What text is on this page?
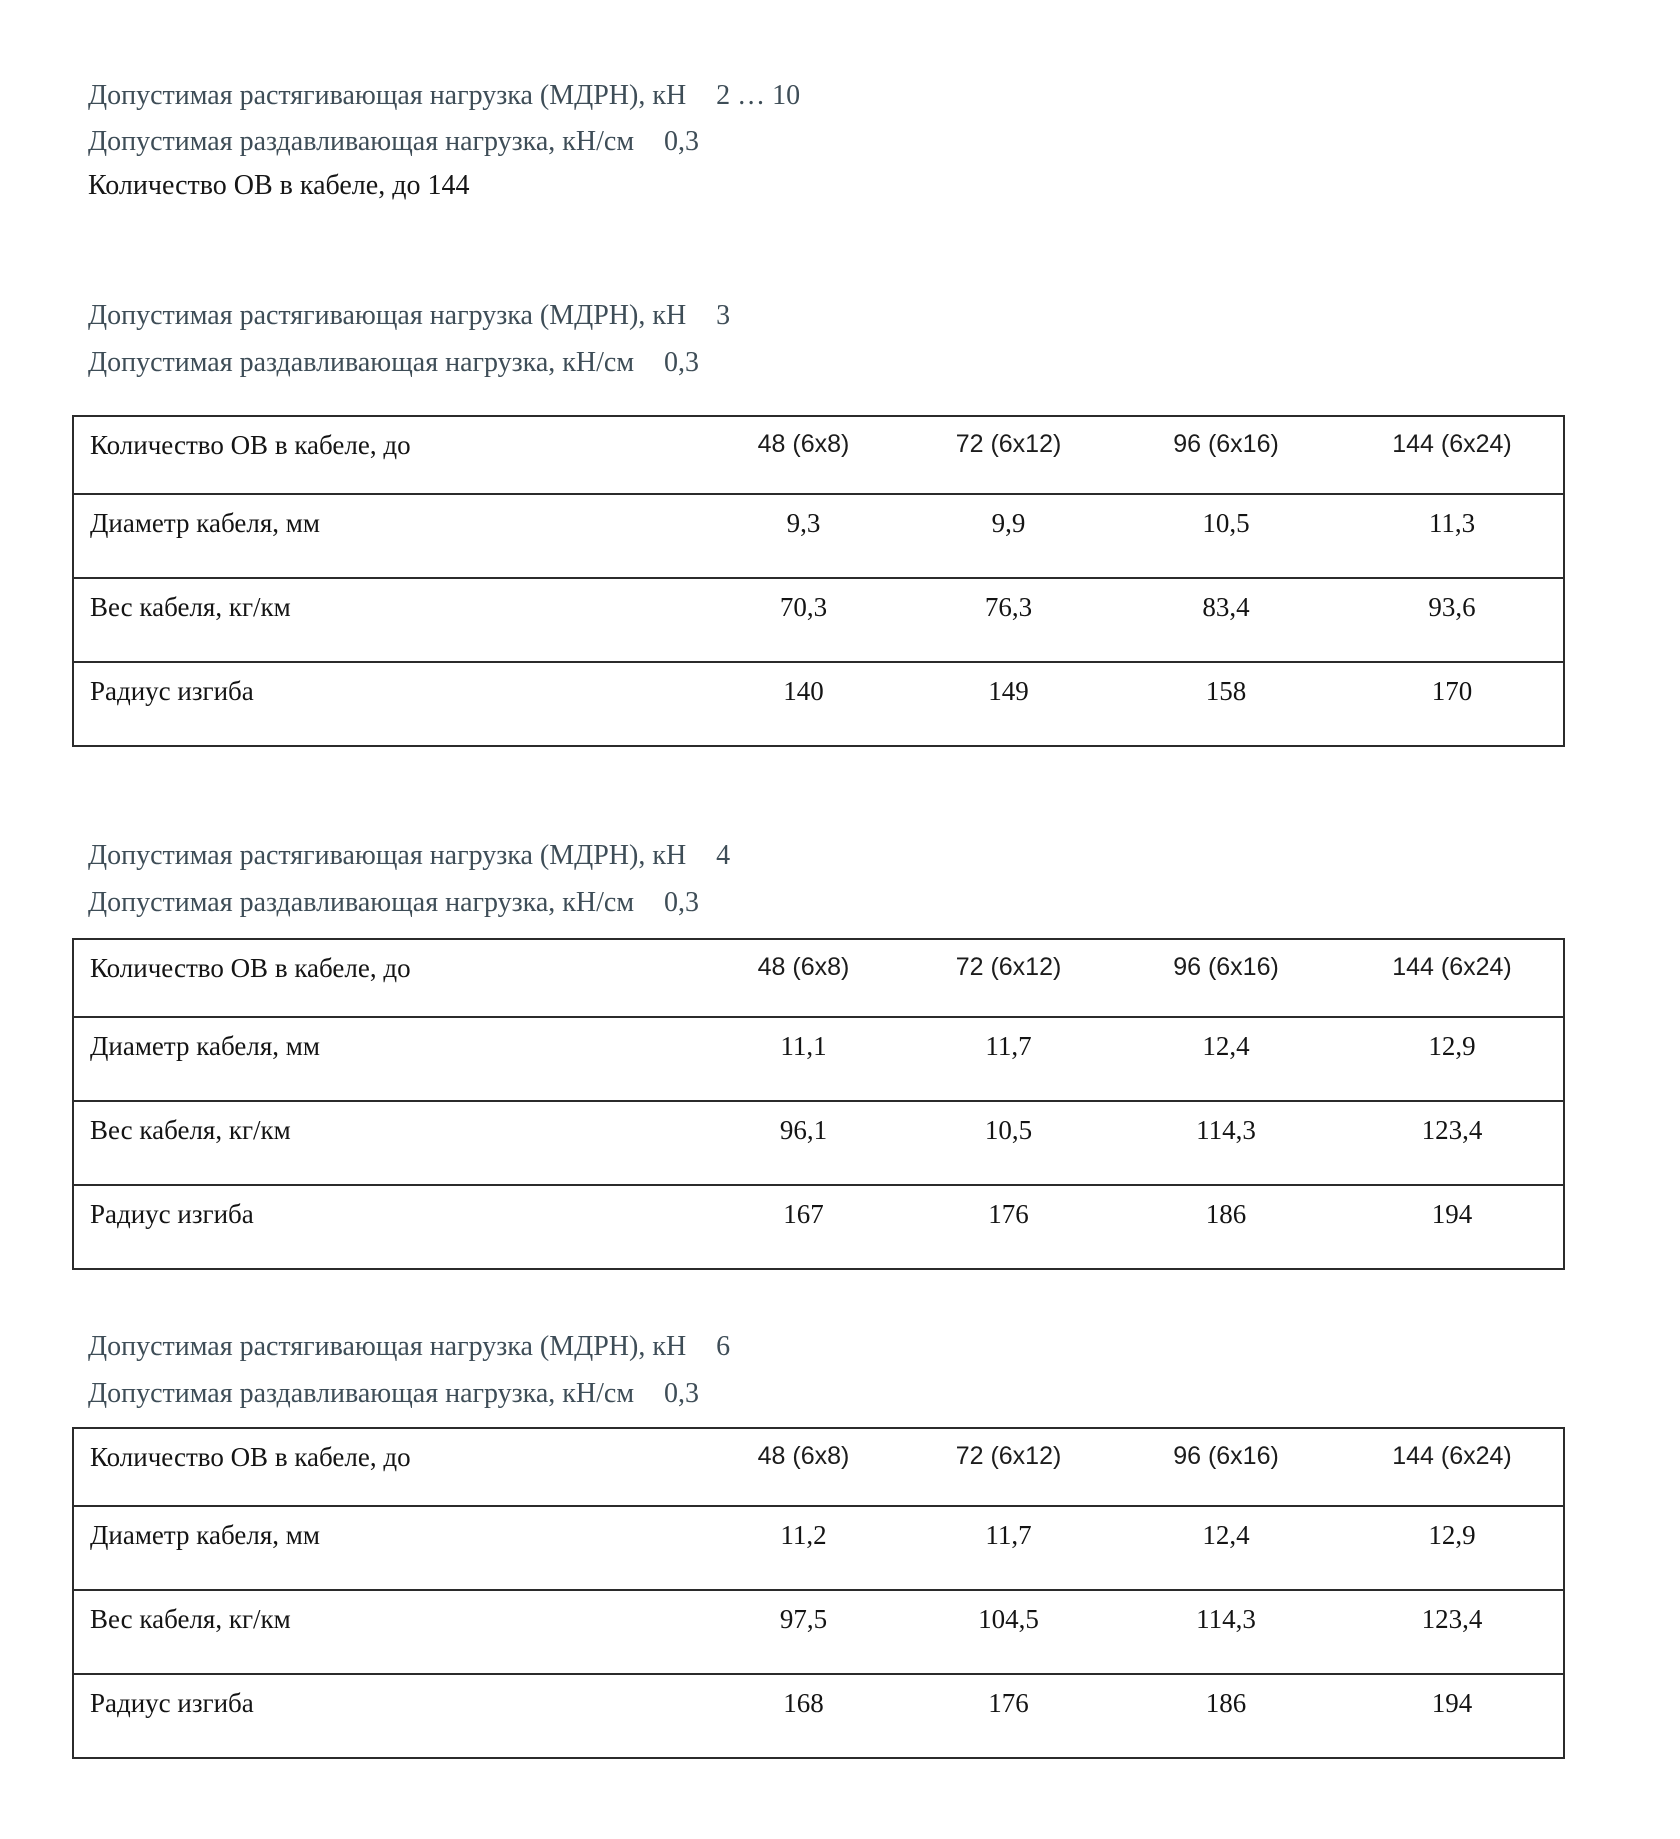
Допустимая растягивающая нагрузка (МДРН), кН 2 … 10
Допустимая раздавливающая нагрузка, кН/см 0,3
Количество ОВ в кабеле, до 144
Допустимая растягивающая нагрузка (МДРН), кН 3
Допустимая раздавливающая нагрузка, кН/см 0,3
Количество ОВ в кабеле, до	48 (6x8)	72 (6x12)	96 (6x16)	144 (6x24)
Диаметр кабеля, мм	9,3	9,9	10,5	11,3
Вес кабеля, кг/км	70,3	76,3	83,4	93,6
Радиус изгиба	140	149	158	170
Допустимая растягивающая нагрузка (МДРН), кН 4
Допустимая раздавливающая нагрузка, кН/см 0,3
Количество ОВ в кабеле, до	48 (6x8)	72 (6x12)	96 (6x16)	144 (6x24)
Диаметр кабеля, мм	11,1	11,7	12,4	12,9
Вес кабеля, кг/км	96,1	10,5	114,3	123,4
Радиус изгиба	167	176	186	194
Допустимая растягивающая нагрузка (МДРН), кН 6
Допустимая раздавливающая нагрузка, кН/см 0,3
Количество ОВ в кабеле, до	48 (6x8)	72 (6x12)	96 (6x16)	144 (6x24)
Диаметр кабеля, мм	11,2	11,7	12,4	12,9
Вес кабеля, кг/км	97,5	104,5	114,3	123,4
Радиус изгиба	168	176	186	194
